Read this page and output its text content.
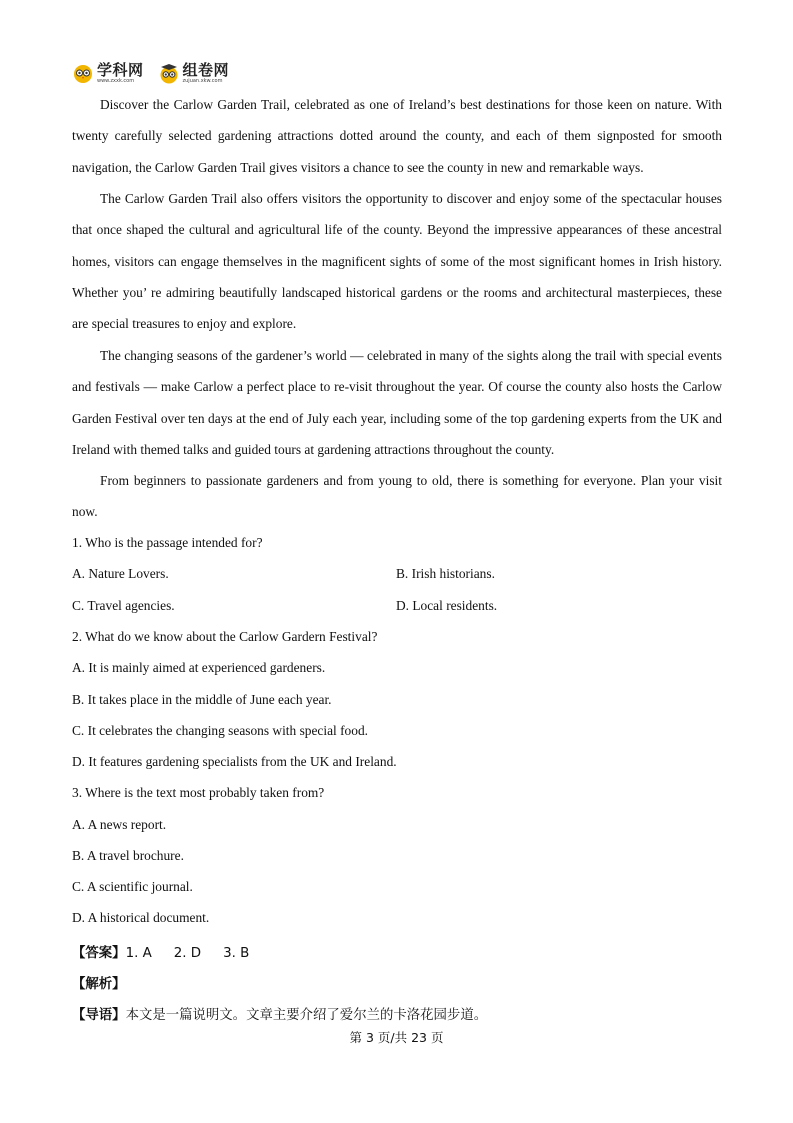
学科网
www.zxxk.com
组卷网
zujuan.xkw.com

Discover the Carlow Garden Trail, celebrated as one of Ireland’s best destinations for those keen on nature. With twenty carefully selected gardening attractions dotted around the county, and each of them signposted for smooth navigation, the Carlow Garden Trail gives visitors a chance to see the county in new and remarkable ways.

The Carlow Garden Trail also offers visitors the opportunity to discover and enjoy some of the spectacular houses that once shaped the cultural and agricultural life of the county. Beyond the impressive appearances of these ancestral homes, visitors can engage themselves in the magnificent sights of some of the most significant homes in Irish history. Whether you’ re admiring beautifully landscaped historical gardens or the rooms and architectural masterpieces, these are special treasures to enjoy and explore.

The changing seasons of the gardener’s world — celebrated in many of the sights along the trail with special events and festivals — make Carlow a perfect place to re-visit throughout the year. Of course the county also hosts the Carlow Garden Festival over ten days at the end of July each year, including some of the top gardening experts from the UK and Ireland with themed talks and guided tours at gardening attractions throughout the county.

From beginners to passionate gardeners and from young to old, there is something for everyone. Plan your visit now.

1. Who is the passage intended for?
A. Nature Lovers.	B. Irish historians.
C. Travel agencies.	D. Local residents.
2. What do we know about the Carlow Gardern Festival?
A. It is mainly aimed at experienced gardeners.
B. It takes place in the middle of June each year.
C. It celebrates the changing seasons with special food.
D. It features gardening specialists from the UK and Ireland.
3. Where is the text most probably taken from?
A. A news report.
B. A travel brochure.
C. A scientific journal.
D. A historical document.
【答案】1. A 2. D 3. B
【解析】
【导语】本文是一篇说明文。文章主要介绍了爱尔兰的卡洛花园步道。
第 3 页/共 23 页
